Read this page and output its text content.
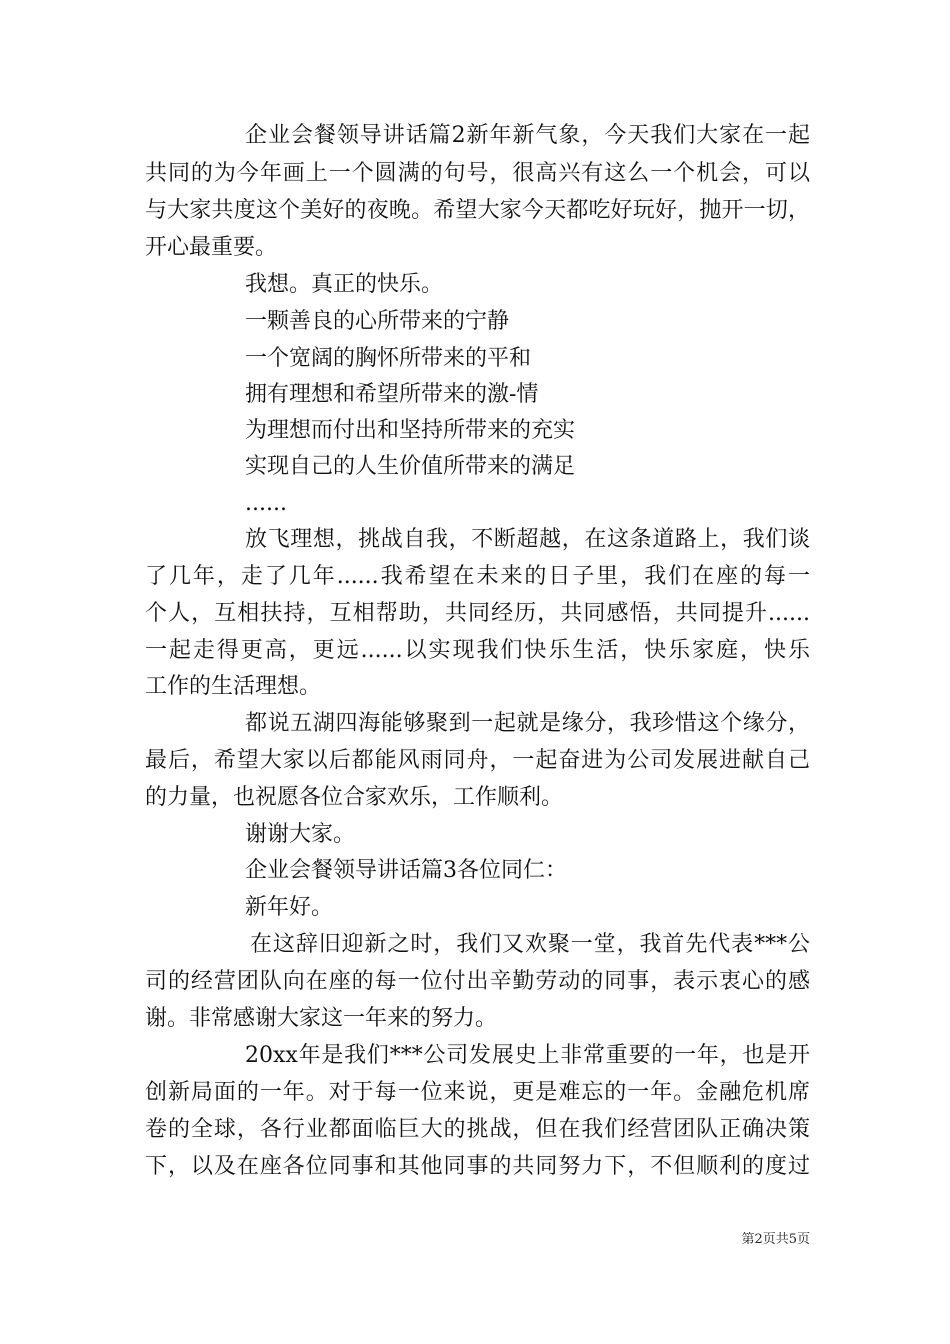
企业会餐领导讲话篇2新年新气象，今天我们大家在一起
共同的为今年画上一个圆满的句号，很高兴有这么一个机会，可以
与大家共度这个美好的夜晚。希望大家今天都吃好玩好，抛开一切，
开心最重要。
我想。真正的快乐。
一颗善良的心所带来的宁静
一个宽阔的胸怀所带来的平和
拥有理想和希望所带来的激-情
为理想而付出和坚持所带来的充实
实现自己的人生价值所带来的满足
......
放飞理想，挑战自我，不断超越，在这条道路上，我们谈
了几年，走了几年......我希望在未来的日子里，我们在座的每一
个人，互相扶持，互相帮助，共同经历，共同感悟，共同提升......
一起走得更高，更远......以实现我们快乐生活，快乐家庭，快乐
工作的生活理想。
都说五湖四海能够聚到一起就是缘分，我珍惜这个缘分，
最后，希望大家以后都能风雨同舟，一起奋进为公司发展进献自己
的力量，也祝愿各位合家欢乐，工作顺利。
谢谢大家。
企业会餐领导讲话篇3各位同仁：
新年好。
在这辞旧迎新之时，我们又欢聚一堂，我首先代表***公
司的经营团队向在座的每一位付出辛勤劳动的同事，表示衷心的感
谢。非常感谢大家这一年来的努力。
20xx年是我们***公司发展史上非常重要的一年，也是开
创新局面的一年。对于每一位来说，更是难忘的一年。金融危机席
卷的全球，各行业都面临巨大的挑战，但在我们经营团队正确决策
下，以及在座各位同事和其他同事的共同努力下，不但顺利的度过
第2页共5页
